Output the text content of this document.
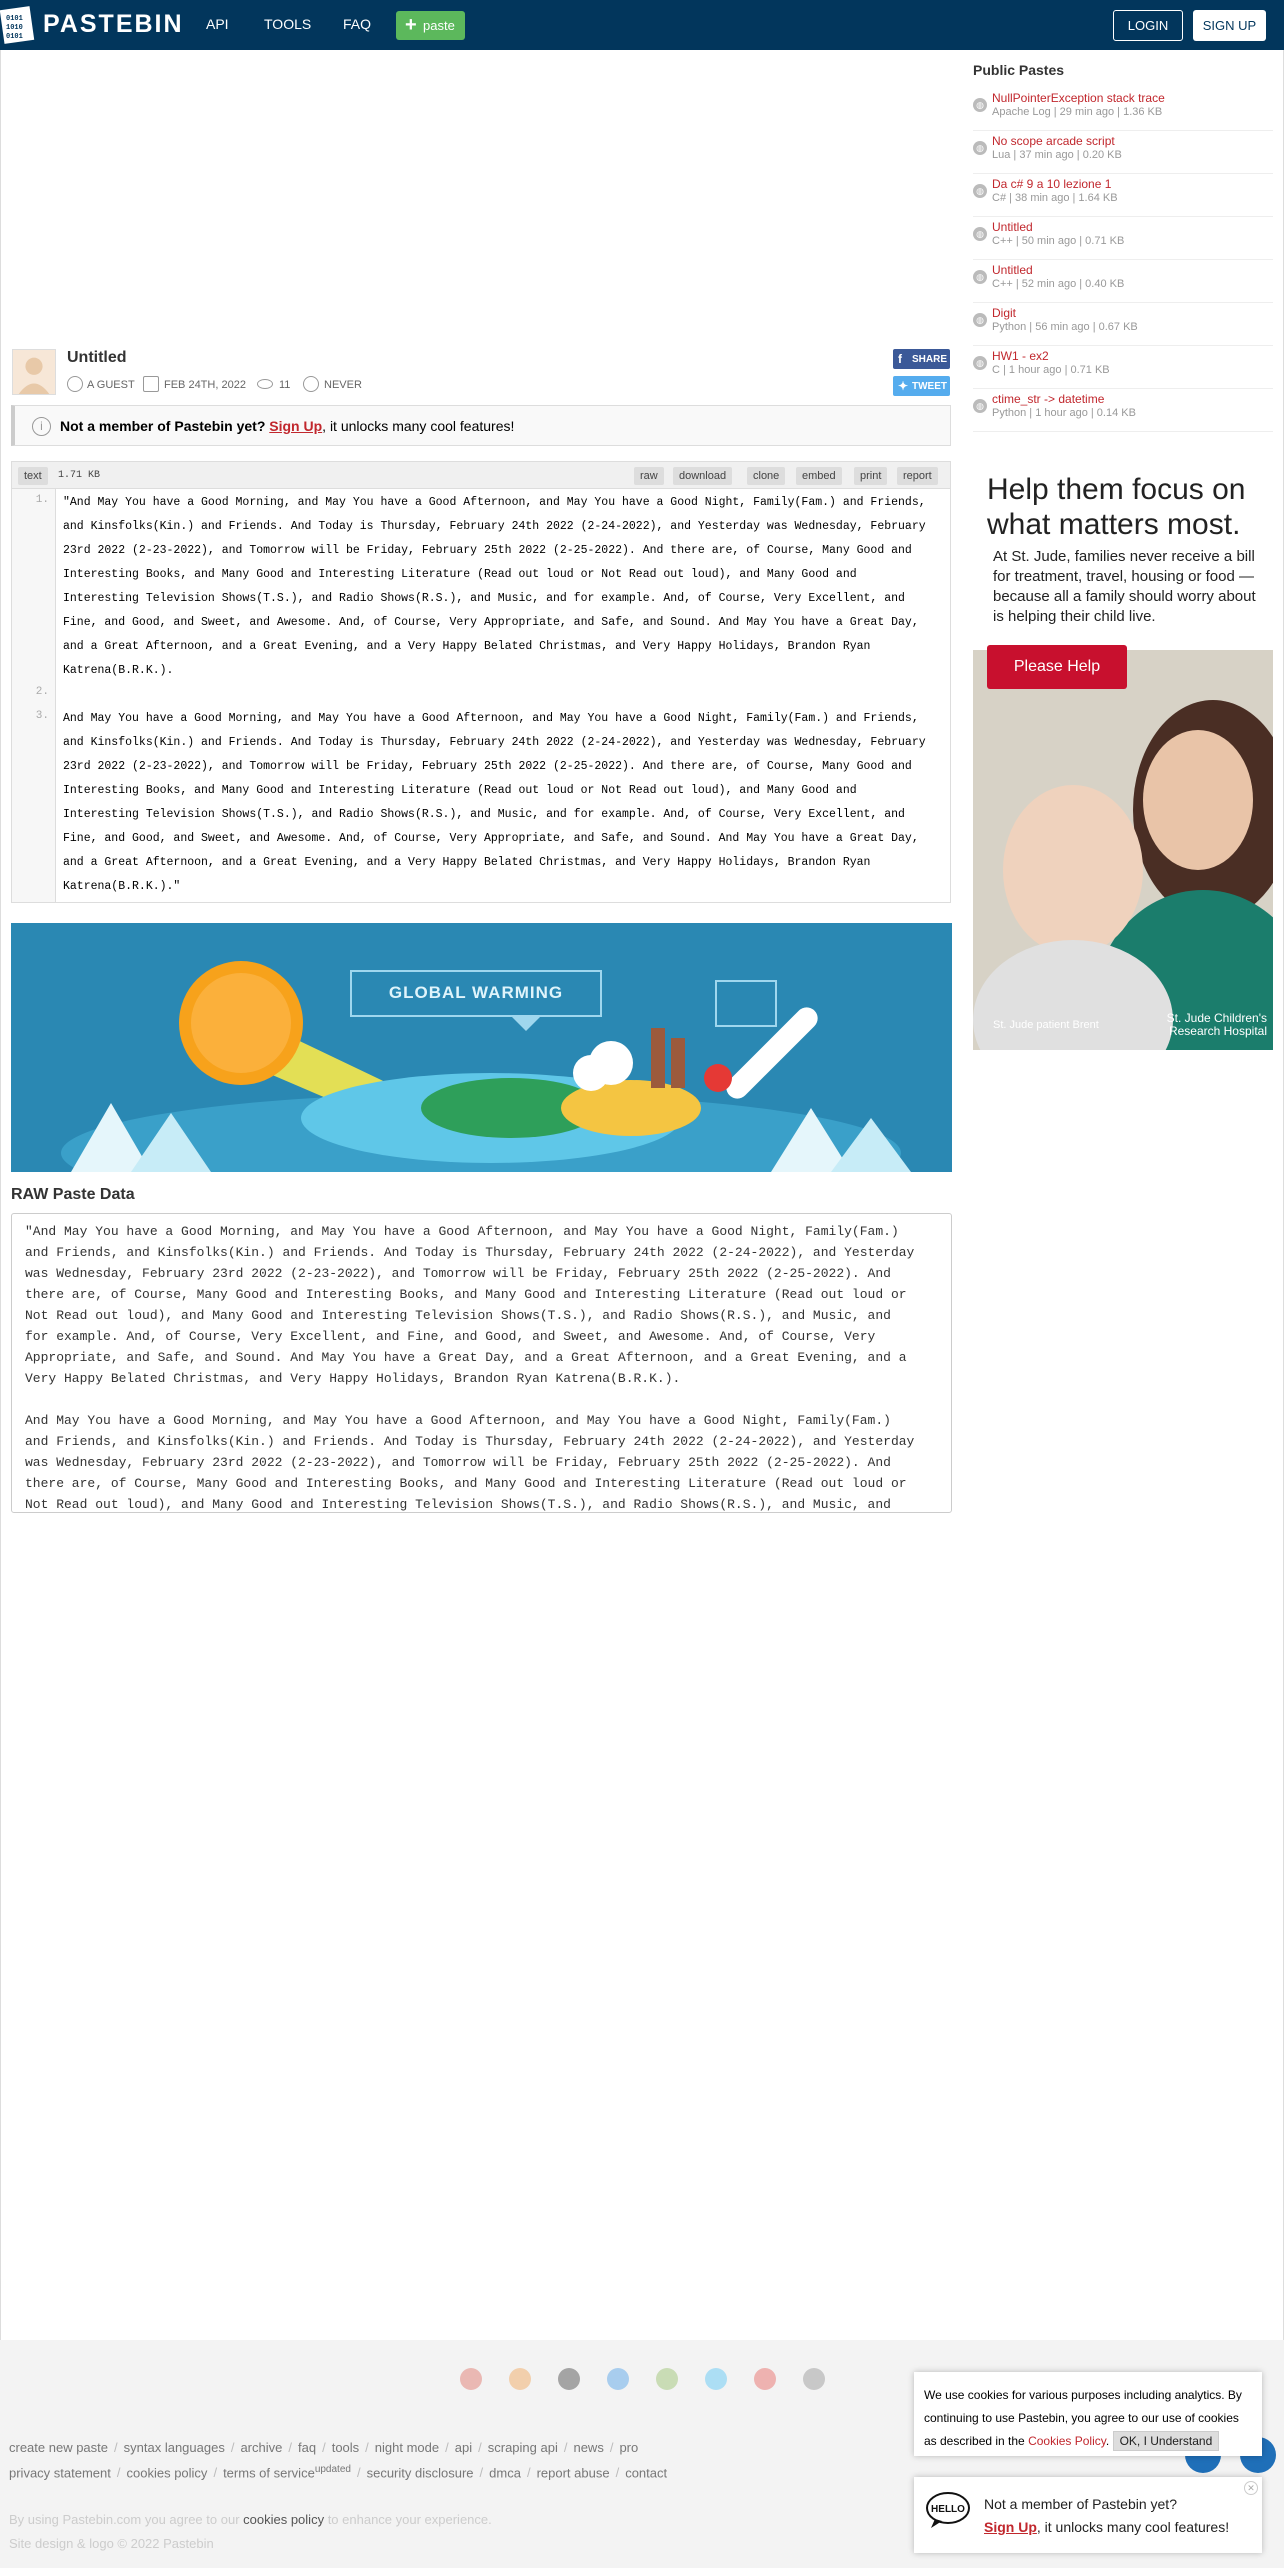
0101
1010
0101 PASTEBIN API	TOOLS FAQ + paste	LOGIN	SIGN UP
Untitled
A GUEST	FEB 24TH, 2022	11	NEVER
f SHARE
✦ TWEET
i	Not a member of Pastebin yet? Sign Up, it unlocks many cool features!
text	1.71 KB	raw	download	clone	embed	print	report
1.
2.
3.
"And May You have a Good Morning, and May You have a Good Afternoon, and May You have a Good Night, Family(Fam.) and Friends,
and Kinsfolks(Kin.) and Friends. And Today is Thursday, February 24th 2022 (2-24-2022), and Yesterday was Wednesday, February
23rd 2022 (2-23-2022), and Tomorrow will be Friday, February 25th 2022 (2-25-2022). And there are, of Course, Many Good and
Interesting Books, and Many Good and Interesting Literature (Read out loud or Not Read out loud), and Many Good and
Interesting Television Shows(T.S.), and Radio Shows(R.S.), and Music, and for example. And, of Course, Very Excellent, and
Fine, and Good, and Sweet, and Awesome. And, of Course, Very Appropriate, and Safe, and Sound. And May You have a Great Day,
and a Great Afternoon, and a Great Evening, and a Very Happy Belated Christmas, and Very Happy Holidays, Brandon Ryan
Katrena(B.R.K.).
And May You have a Good Morning, and May You have a Good Afternoon, and May You have a Good Night, Family(Fam.) and Friends,
and Kinsfolks(Kin.) and Friends. And Today is Thursday, February 24th 2022 (2-24-2022), and Yesterday was Wednesday, February
23rd 2022 (2-23-2022), and Tomorrow will be Friday, February 25th 2022 (2-25-2022). And there are, of Course, Many Good and
Interesting Books, and Many Good and Interesting Literature (Read out loud or Not Read out loud), and Many Good and
Interesting Television Shows(T.S.), and Radio Shows(R.S.), and Music, and for example. And, of Course, Very Excellent, and
Fine, and Good, and Sweet, and Awesome. And, of Course, Very Appropriate, and Safe, and Sound. And May You have a Great Day,
and a Great Afternoon, and a Great Evening, and a Very Happy Belated Christmas, and Very Happy Holidays, Brandon Ryan
Katrena(B.R.K.)."
GLOBAL WARMING
RAW Paste Data
"And May You have a Good Morning, and May You have a Good Afternoon, and May You have a Good Night, Family(Fam.)
and Friends, and Kinsfolks(Kin.) and Friends. And Today is Thursday, February 24th 2022 (2-24-2022), and Yesterday
was Wednesday, February 23rd 2022 (2-23-2022), and Tomorrow will be Friday, February 25th 2022 (2-25-2022). And
there are, of Course, Many Good and Interesting Books, and Many Good and Interesting Literature (Read out loud or
Not Read out loud), and Many Good and Interesting Television Shows(T.S.), and Radio Shows(R.S.), and Music, and
for example. And, of Course, Very Excellent, and Fine, and Good, and Sweet, and Awesome. And, of Course, Very
Appropriate, and Safe, and Sound. And May You have a Great Day, and a Great Afternoon, and a Great Evening, and a
Very Happy Belated Christmas, and Very Happy Holidays, Brandon Ryan Katrena(B.R.K.).
And May You have a Good Morning, and May You have a Good Afternoon, and May You have a Good Night, Family(Fam.)
and Friends, and Kinsfolks(Kin.) and Friends. And Today is Thursday, February 24th 2022 (2-24-2022), and Yesterday
was Wednesday, February 23rd 2022 (2-23-2022), and Tomorrow will be Friday, February 25th 2022 (2-25-2022). And
there are, of Course, Many Good and Interesting Books, and Many Good and Interesting Literature (Read out loud or
Not Read out loud), and Many Good and Interesting Television Shows(T.S.), and Radio Shows(R.S.), and Music, and
Public Pastes
◍ NullPointerException stack trace
Apache Log | 29 min ago | 1.36 KB
◍ No scope arcade script
Lua | 37 min ago | 0.20 KB
◍ Da c# 9 a 10 lezione 1
C# | 38 min ago | 1.64 KB
◍ Untitled
C++ | 50 min ago | 0.71 KB
◍ Untitled
C++ | 52 min ago | 0.40 KB
◍ Digit
Python | 56 min ago | 0.67 KB
◍ HW1 - ex2
C | 1 hour ago | 0.71 KB
◍ ctime_str -> datetime
Python | 1 hour ago | 0.14 KB
Help them focus on what matters most.
At St. Jude, families never receive a bill for treatment, travel, housing or food — because all a family should worry about is helping their child live.
Please Help
St. Jude patient Brent	St. Jude Children's Research Hospital
create new paste / syntax languages / archive / faq / tools / night mode / api / scraping api / news / pro
privacy statement / cookies policy / terms of service$^{updated}$ / security disclosure / dmca / report abuse / contact
By using Pastebin.com you agree to our cookies policy to enhance your experience.
Site design & logo © 2022 Pastebin
We use cookies for various purposes including analytics. By continuing to use Pastebin, you agree to our use of cookies as described in the Cookies Policy. OK, I Understand
HELLO Not a member of Pastebin yet?
Sign Up, it unlocks many cool features!
✕
